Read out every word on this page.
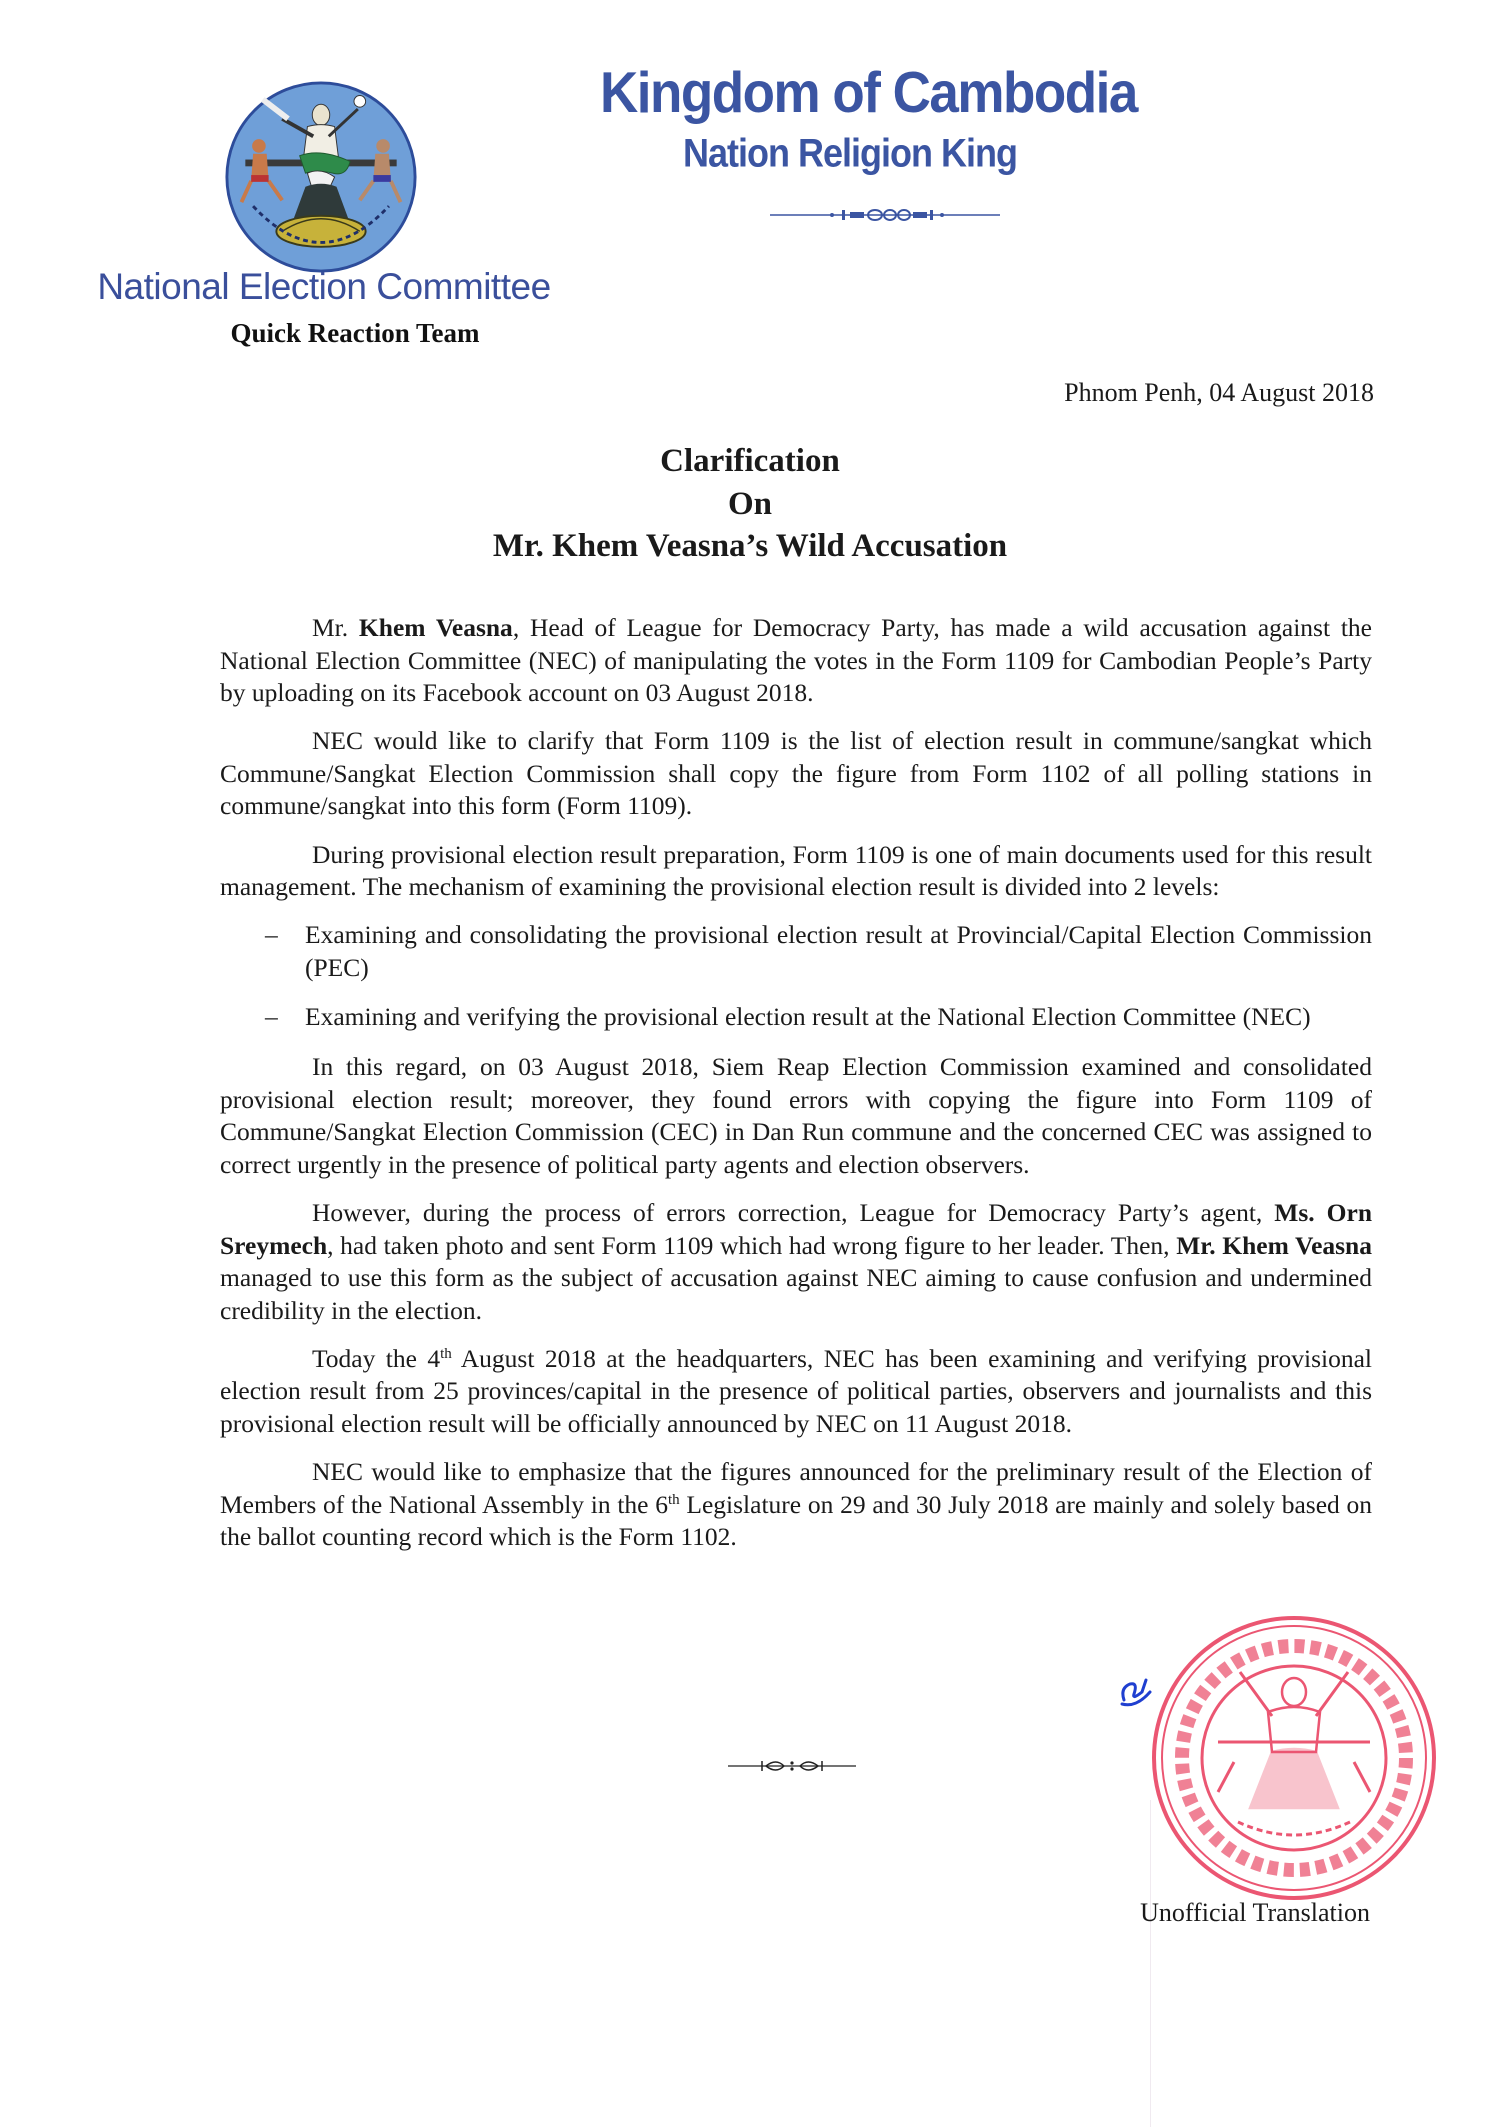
National Election Committee
Quick Reaction Team
Kingdom of Cambodia
Nation Religion King
Phnom Penh, 04 August 2018
Clarification
On
Mr. Khem Veasna’s Wild Accusation

Mr. Khem Veasna, Head of League for Democracy Party, has made a wild accusation against the National Election Committee (NEC) of manipulating the votes in the Form 1109 for Cambodian People’s Party by uploading on its Facebook account on 03 August 2018.

NEC would like to clarify that Form 1109 is the list of election result in commune/sangkat which Commune/Sangkat Election Commission shall copy the figure from Form 1102 of all polling stations in commune/sangkat into this form (Form 1109).

During provisional election result preparation, Form 1109 is one of main documents used for this result management. The mechanism of examining the provisional election result is divided into 2 levels:

– Examining and consolidating the provisional election result at Provincial/Capital Election Commission (PEC)
– Examining and verifying the provisional election result at the National Election Committee (NEC)

In this regard, on 03 August 2018, Siem Reap Election Commission examined and consolidated provisional election result; moreover, they found errors with copying the figure into Form 1109 of Commune/Sangkat Election Commission (CEC) in Dan Run commune and the concerned CEC was assigned to correct urgently in the presence of political party agents and election observers.

However, during the process of errors correction, League for Democracy Party’s agent, Ms. Orn Sreymech, had taken photo and sent Form 1109 which had wrong figure to her leader. Then, Mr. Khem Veasna managed to use this form as the subject of accusation against NEC aiming to cause confusion and undermined credibility in the election.

Today the 4th August 2018 at the headquarters, NEC has been examining and verifying provisional election result from 25 provinces/capital in the presence of political parties, observers and journalists and this provisional election result will be officially announced by NEC on 11 August 2018.

NEC would like to emphasize that the figures announced for the preliminary result of the Election of Members of the National Assembly in the 6th Legislature on 29 and 30 July 2018 are mainly and solely based on the ballot counting record which is the Form 1102.

Unofficial Translation
